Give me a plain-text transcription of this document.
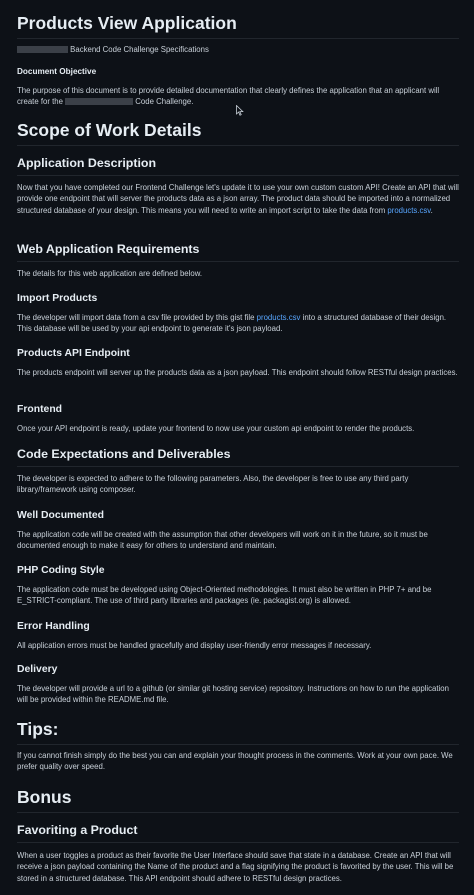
Products View Application
Backend Code Challenge Specifications
Document Objective
The purpose of this document is to provide detailed documentation that clearly defines the application that an applicant will create for the	Code Challenge.
Scope of Work Details
Application Description
Now that you have completed our Frontend Challenge let's update it to use your own custom custom API! Create an API that will provide one endpoint that will server the products data as a json array. The product data should be imported into a normalized structured database of your design. This means you will need to write an import script to take the data from products.csv.
Web Application Requirements
The details for this web application are defined below.
Import Products
The developer will import data from a csv file provided by this gist file products.csv into a structured database of their design. This database will be used by your api endpoint to generate it's json payload.
Products API Endpoint
The products endpoint will server up the products data as a json payload. This endpoint should follow RESTful design practices.
Frontend
Once your API endpoint is ready, update your frontend to now use your custom api endpoint to render the products.
Code Expectations and Deliverables
The developer is expected to adhere to the following parameters. Also, the developer is free to use any third party library/framework using composer.
Well Documented
The application code will be created with the assumption that other developers will work on it in the future, so it must be documented enough to make it easy for others to understand and maintain.
PHP Coding Style
The application code must be developed using Object-Oriented methodologies. It must also be written in PHP 7+ and be E_STRICT-compliant. The use of third party libraries and packages (ie. packagist.org) is allowed.
Error Handling
All application errors must be handled gracefully and display user-friendly error messages if necessary.
Delivery
The developer will provide a url to a github (or similar git hosting service) repository. Instructions on how to run the application will be provided within the README.md file.
Tips:
If you cannot finish simply do the best you can and explain your thought process in the comments. Work at your own pace. We prefer quality over speed.
Bonus
Favoriting a Product
When a user toggles a product as their favorite the User Interface should save that state in a database. Create an API that will receive a json payload containing the Name of the product and a flag signifying the product is favorited by the user. This will be stored in a structured database. This API endpoint should adhere to RESTful design practices.
